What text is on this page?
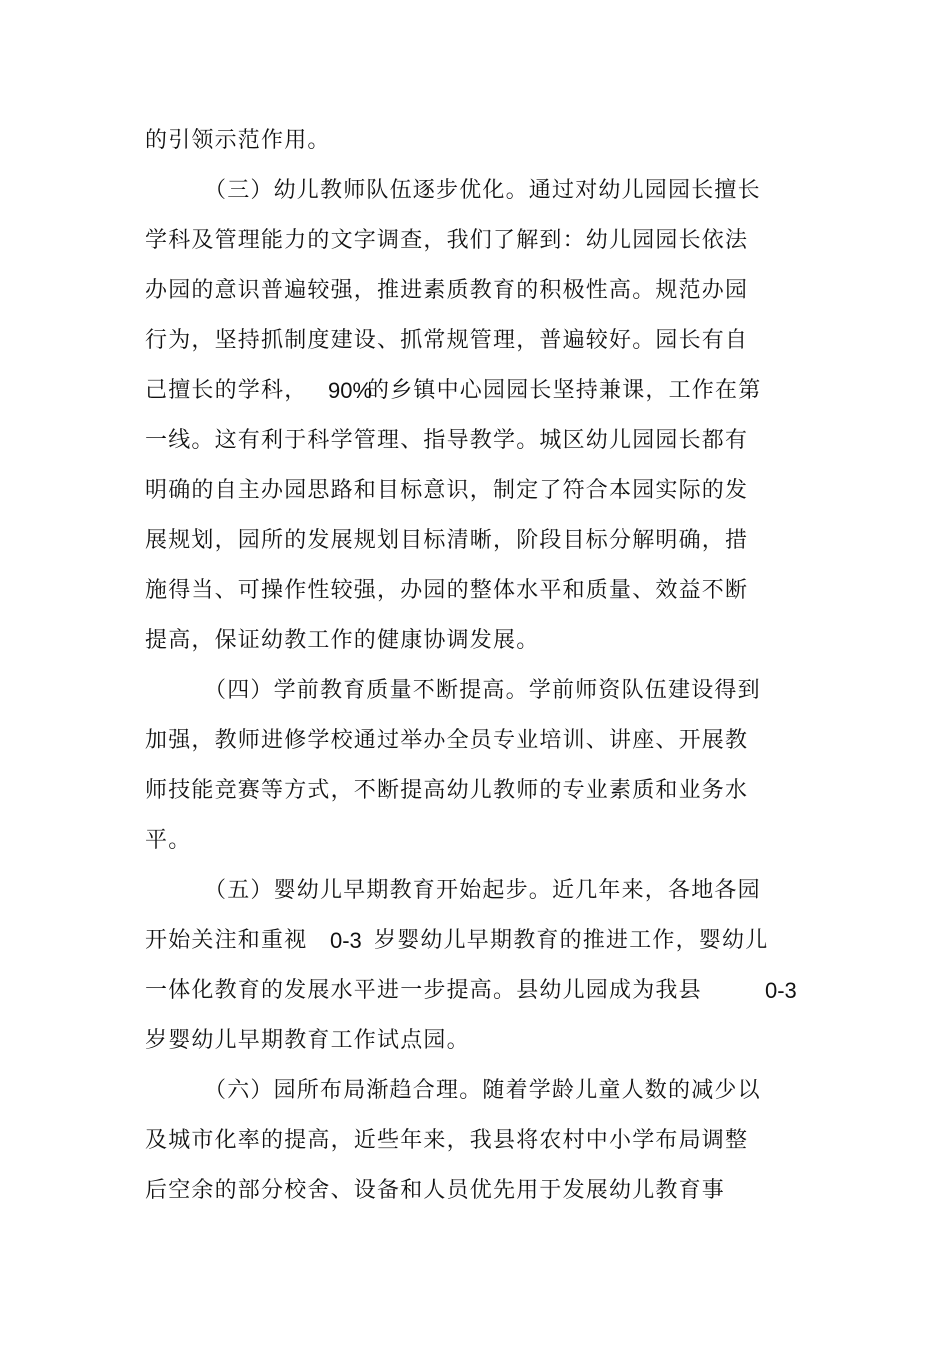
的引领示范作用。
（三）幼儿教师队伍逐步优化。通过对幼儿园园长擅长
学科及管理能力的文字调查，我们了解到：幼儿园园长依法
办园的意识普遍较强，推进素质教育的积极性高。规范办园
行为，坚持抓制度建设、抓常规管理，普遍较好。园长有自
己擅长的学科， 90%
的乡镇中心园园长坚持兼课，工作在第
一线。这有利于科学管理、指导教学。城区幼儿园园长都有
明确的自主办园思路和目标意识，制定了符合本园实际的发
展规划，园所的发展规划目标清晰，阶段目标分解明确，措
施得当、可操作性较强，办园的整体水平和质量、效益不断
提高，保证幼教工作的健康协调发展。
（四）学前教育质量不断提高。学前师资队伍建设得到
加强，教师进修学校通过举办全员专业培训、讲座、开展教
师技能竞赛等方式，不断提高幼儿教师的专业素质和业务水
平。
（五）婴幼儿早期教育开始起步。近几年来，各地各园
开始关注和重视 0-3 岁婴幼儿早期教育的推进工作，婴幼儿
一体化教育的发展水平进一步提高。县幼儿园成为我县	0-3
岁婴幼儿早期教育工作试点园。
（六）园所布局渐趋合理。随着学龄儿童人数的减少以
及城市化率的提高，近些年来，我县将农村中小学布局调整
后空余的部分校舍、设备和人员优先用于发展幼儿教育事
